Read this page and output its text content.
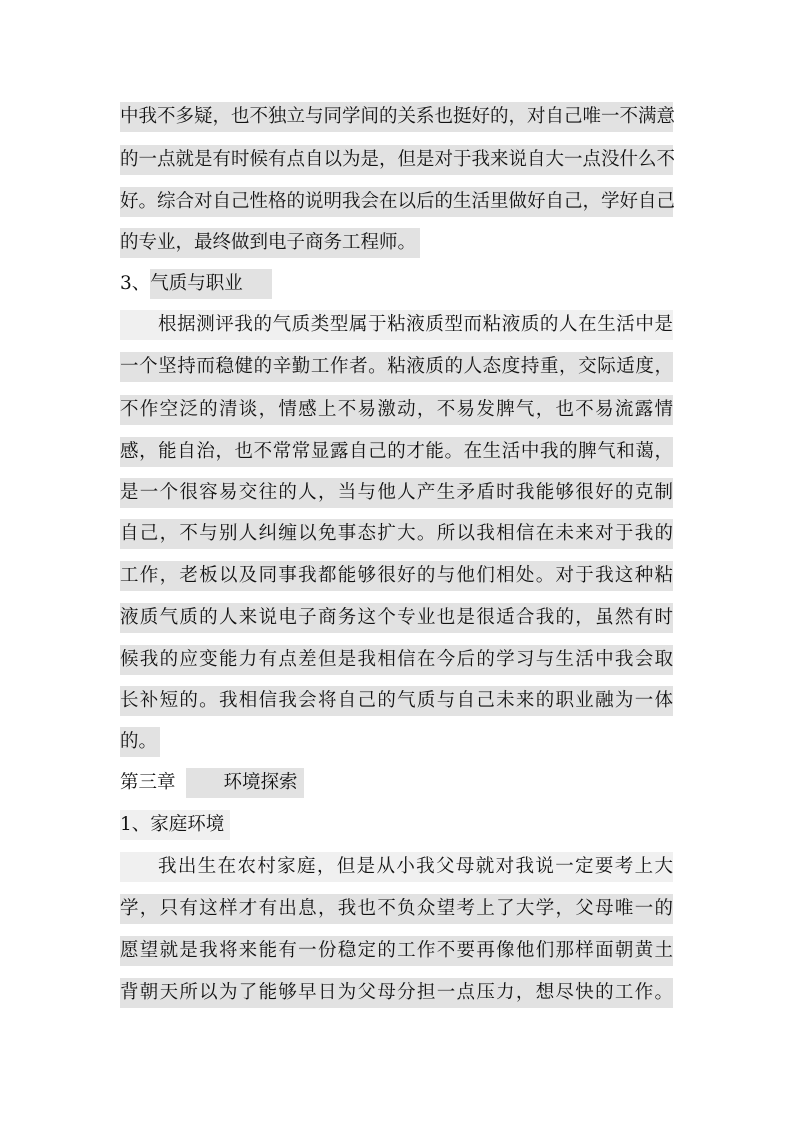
中我不多疑，也不独立与同学间的关系也挺好的，对自己唯一不满意
的一点就是有时候有点自以为是，但是对于我来说自大一点没什么不
好。综合对自己性格的说明我会在以后的生活里做好自己，学好自己
的专业，最终做到电子商务工程师。
3、气质与职业
根据测评我的气质类型属于粘液质型而粘液质的人在生活中是
一个坚持而稳健的辛勤工作者。粘液质的人态度持重，交际适度，
不作空泛的清谈，情感上不易激动，不易发脾气，也不易流露情
感，能自治，也不常常显露自己的才能。在生活中我的脾气和蔼，
是一个很容易交往的人，当与他人产生矛盾时我能够很好的克制
自己，不与别人纠缠以免事态扩大。所以我相信在未来对于我的
工作，老板以及同事我都能够很好的与他们相处。对于我这种粘
液质气质的人来说电子商务这个专业也是很适合我的，虽然有时
候我的应变能力有点差但是我相信在今后的学习与生活中我会取
长补短的。我相信我会将自己的气质与自己未来的职业融为一体
的。
第三章	环境探索
1、家庭环境
我出生在农村家庭，但是从小我父母就对我说一定要考上大
学，只有这样才有出息，我也不负众望考上了大学，父母唯一的
愿望就是我将来能有一份稳定的工作不要再像他们那样面朝黄土
背朝天所以为了能够早日为父母分担一点压力，想尽快的工作。
